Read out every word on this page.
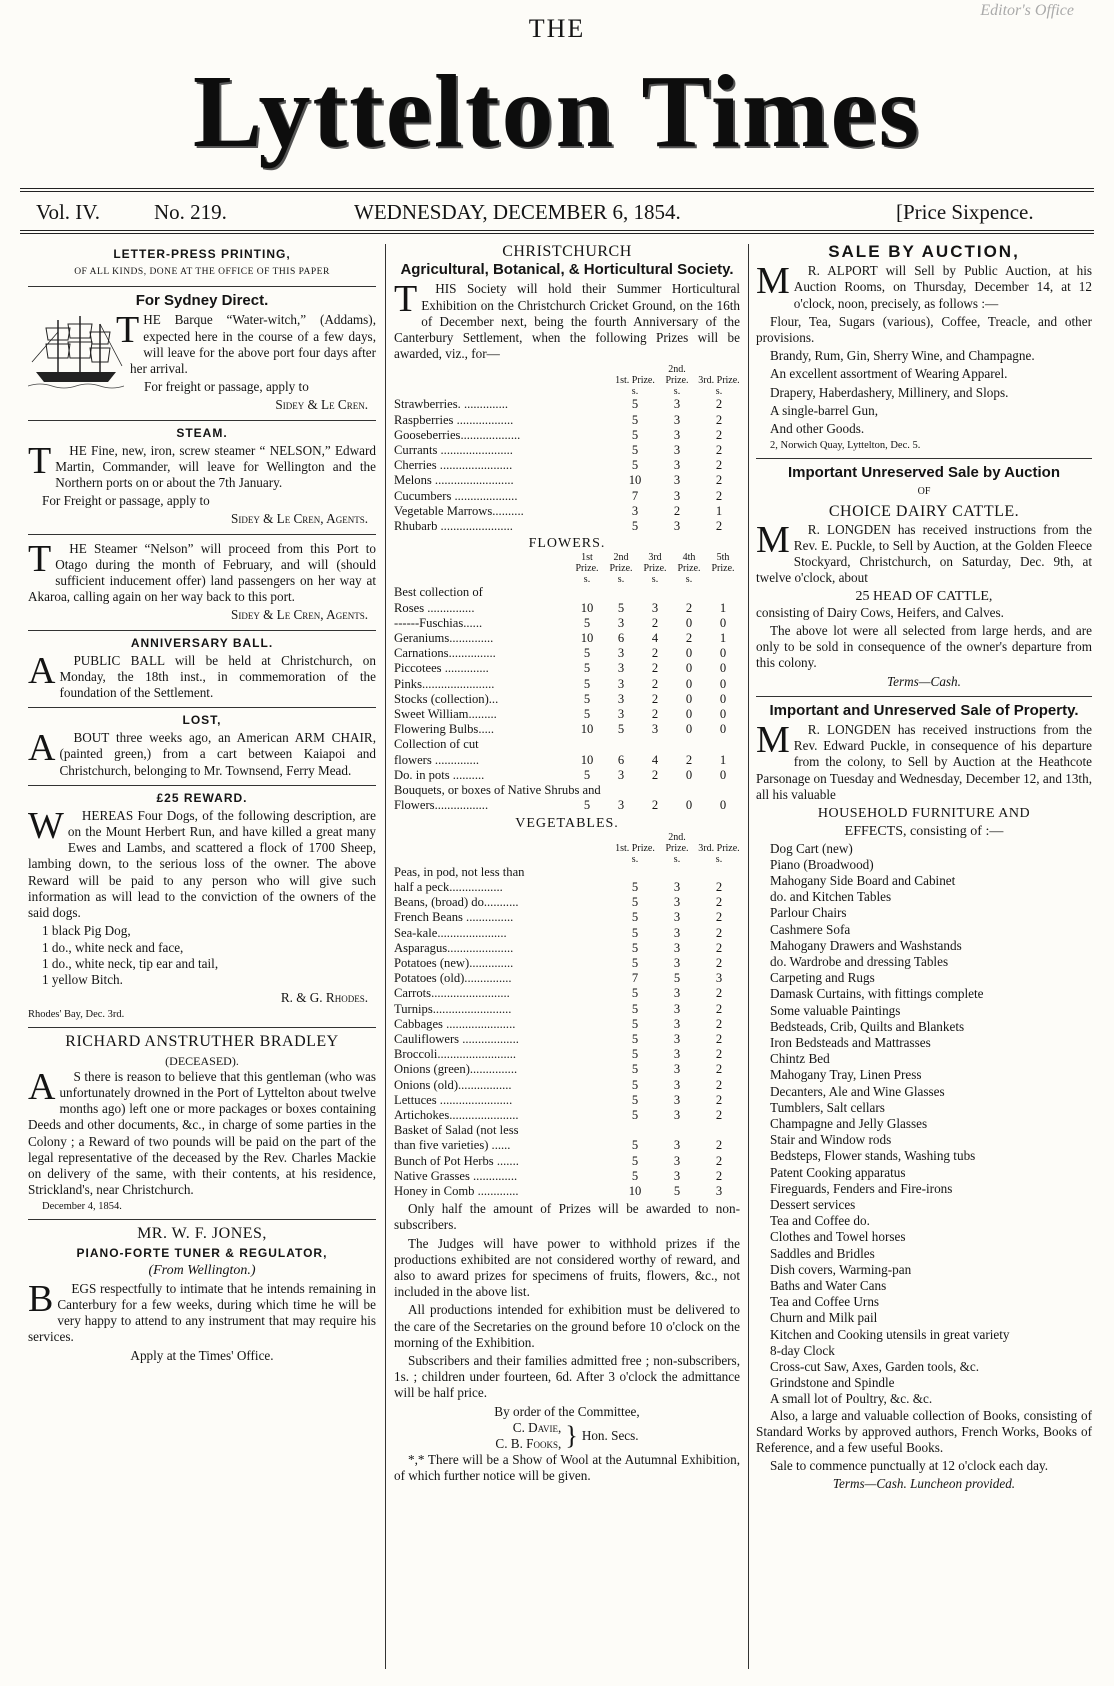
Editor's Office
THE
Lyttelton Times
Vol. IV.	No. 219.	WEDNESDAY, DECEMBER 6, 1854.	[Price Sixpence.
LETTER-PRESS PRINTING,
OF ALL KINDS, DONE AT THE OFFICE OF THIS PAPER
For Sydney Direct.

THE Barque “Water-witch,” (Addams), expected here in the course of a few days, will leave for the above port four days after her arrival.

For freight or passage, apply to

Sidey & Le Cren.
STEAM.

THE Fine, new, iron, screw steamer “ NELSON,” Edward Martin, Commander, will leave for Wellington and the Northern ports on or about the 7th January.

For Freight or passage, apply to

Sidey & Le Cren, Agents.

THE Steamer “Nelson” will proceed from this Port to Otago during the month of February, and will (should sufficient inducement offer) land passengers on her way at Akaroa, calling again on her way back to this port.

Sidey & Le Cren, Agents.
ANNIVERSARY BALL.

APUBLIC BALL will be held at Christchurch, on Monday, the 18th inst., in commemoration of the foundation of the Settlement.

LOST,

ABOUT three weeks ago, an American ARM CHAIR, (painted green,) from a cart between Kaiapoi and Christchurch, belonging to Mr. Townsend, Ferry Mead.

£25 REWARD.

WHEREAS Four Dogs, of the following description, are on the Mount Herbert Run, and have killed a great many Ewes and Lambs, and scattered a flock of 1700 Sheep, lambing down, to the serious loss of the owner. The above Reward will be paid to any person who will give such information as will lead to the conviction of the owners of the said dogs.

1 black Pig Dog,
1 do., white neck and face,
1 do., white neck, tip ear and tail,
1 yellow Bitch.
R. & G. Rhodes.
Rhodes' Bay, Dec. 3rd.
RICHARD ANSTRUTHER BRADLEY
(DECEASED).

AS there is reason to believe that this gentleman (who was unfortunately drowned in the Port of Lyttelton about twelve months ago) left one or more packages or boxes containing Deeds and other documents, &c., in charge of some parties in the Colony ; a Reward of two pounds will be paid on the part of the legal representative of the deceased by the Rev. Charles Mackie on delivery of the same, with their contents, at his residence, Strickland's, near Christchurch.

December 4, 1854.
MR. W. F. JONES,
PIANO-FORTE TUNER & REGULATOR,
(From Wellington.)

BEGS respectfully to intimate that he intends remaining in Canterbury for a few weeks, during which time he will be very happy to attend to any instrument that may require his services.

Apply at the Times' Office.
CHRISTCHURCH
Agricultural, Botanical, & Horticultural Society.

THIS Society will hold their Summer Horticultural Exhibition on the Christchurch Cricket Ground, on the 16th of December next, being the fourth Anniversary of the Canterbury Settlement, when the following Prizes will be awarded, viz., for—

	1st. Prize.	2nd. Prize.	3rd. Prize.
	s.	s.	s.
Strawberries. ..............	5	3	2
Raspberries ..................	5	3	2
Gooseberries...................	5	3	2
Currants .......................	5	3	2
Cherries .......................	5	3	2
Melons .........................	10	3	2
Cucumbers ....................	7	3	2
Vegetable Marrows..........	3	2	1
Rhubarb .......................	5	3	2
FLOWERS.
	1st Prize.	2nd Prize.	3rd Prize.	4th Prize.	5th Prize.
	s.	s.	s.	s.	
Best collection of					
Roses ...............	10	5	3	2	1
------Fuschias......	5	3	2	0	0
Geraniums..............	10	6	4	2	1
Carnations...............	5	3	2	0	0
Piccotees ..............	5	3	2	0	0
Pinks.......................	5	3	2	0	0
Stocks (collection)...	5	3	2	0	0
Sweet William.........	5	3	2	0	0
Flowering Bulbs.....	10	5	3	0	0
Collection of cut					
flowers ..............	10	6	4	2	1
Do. in pots ..........	5	3	2	0	0
Bouquets, or boxes of Native Shrubs and					
Flowers.................	5	3	2	0	0
VEGETABLES.
	1st. Prize.	2nd. Prize.	3rd. Prize.
	s.	s.	s.
Peas, in pod, not less than			
half a peck.................	5	3	2
Beans, (broad) do...........	5	3	2
French Beans ...............	5	3	2
Sea-kale......................	5	3	2
Asparagus.....................	5	3	2
Potatoes (new)..............	5	3	2
Potatoes (old)...............	7	5	3
Carrots.........................	5	3	2
Turnips.........................	5	3	2
Cabbages ......................	5	3	2
Cauliflowers ..................	5	3	2
Broccoli.........................	5	3	2
Onions (green)...............	5	3	2
Onions (old).................	5	3	2
Lettuces .......................	5	3	2
Artichokes......................	5	3	2
Basket of Salad (not less			
than five varieties) ......	5	3	2
Bunch of Pot Herbs .......	5	3	2
Native Grasses ..............	5	3	2
Honey in Comb .............	10	5	3

Only half the amount of Prizes will be awarded to non-subscribers.

The Judges will have power to withhold prizes if the productions exhibited are not considered worthy of reward, and also to award prizes for specimens of fruits, flowers, &c., not included in the above list.

All productions intended for exhibition must be delivered to the care of the Secretaries on the ground before 10 o'clock on the morning of the Exhibition.

Subscribers and their families admitted free ; non-subscribers, 1s. ; children under fourteen, 6d. After 3 o'clock the admittance will be half price.

By order of the Committee,
C. Davie,
C. B. Fooks, } Hon. Secs.

*,* There will be a Show of Wool at the Autumnal Exhibition, of which further notice will be given.

SALE BY AUCTION,

MR. ALPORT will Sell by Public Auction, at his Auction Rooms, on Thursday, December 14, at 12 o'clock, noon, precisely, as follows :—

Flour, Tea, Sugars (various), Coffee, Treacle, and other provisions.

Brandy, Rum, Gin, Sherry Wine, and Champagne.

An excellent assortment of Wearing Apparel.

Drapery, Haberdashery, Millinery, and Slops.

A single-barrel Gun,

And other Goods.

2, Norwich Quay, Lyttelton, Dec. 5.
Important Unreserved Sale by Auction
OF
CHOICE DAIRY CATTLE.

MR. LONGDEN has received instructions from the Rev. E. Puckle, to Sell by Auction, at the Golden Fleece Stockyard, Christchurch, on Saturday, Dec. 9th, at twelve o'clock, about

25 HEAD OF CATTLE,

consisting of Dairy Cows, Heifers, and Calves.

The above lot were all selected from large herds, and are only to be sold in consequence of the owner's departure from this colony.

Terms—Cash.
Important and Unreserved Sale of Property.

MR. LONGDEN has received instructions from the Rev. Edward Puckle, in consequence of his departure from the colony, to Sell by Auction at the Heathcote Parsonage on Tuesday and Wednesday, December 12, and 13th, all his valuable

HOUSEHOLD FURNITURE AND
EFFECTS, consisting of :—
Dog Cart (new)
Piano (Broadwood)
Mahogany Side Board and Cabinet
do. and Kitchen Tables
Parlour Chairs
Cashmere Sofa
Mahogany Drawers and Washstands
do. Wardrobe and dressing Tables
Carpeting and Rugs
Damask Curtains, with fittings complete
Some valuable Paintings
Bedsteads, Crib, Quilts and Blankets
Iron Bedsteads and Mattrasses
Chintz Bed
Mahogany Tray, Linen Press
Decanters, Ale and Wine Glasses
Tumblers, Salt cellars
Champagne and Jelly Glasses
Stair and Window rods
Bedsteps, Flower stands, Washing tubs
Patent Cooking apparatus
Fireguards, Fenders and Fire-irons
Dessert services
Tea and Coffee do.
Clothes and Towel horses
Saddles and Bridles
Dish covers, Warming-pan
Baths and Water Cans
Tea and Coffee Urns
Churn and Milk pail
Kitchen and Cooking utensils in great variety
8-day Clock
Cross-cut Saw, Axes, Garden tools, &c.
Grindstone and Spindle
A small lot of Poultry, &c. &c.

Also, a large and valuable collection of Books, consisting of Standard Works by approved authors, French Works, Books of Reference, and a few useful Books.

Sale to commence punctually at 12 o'clock each day.

Terms—Cash. Luncheon provided.
